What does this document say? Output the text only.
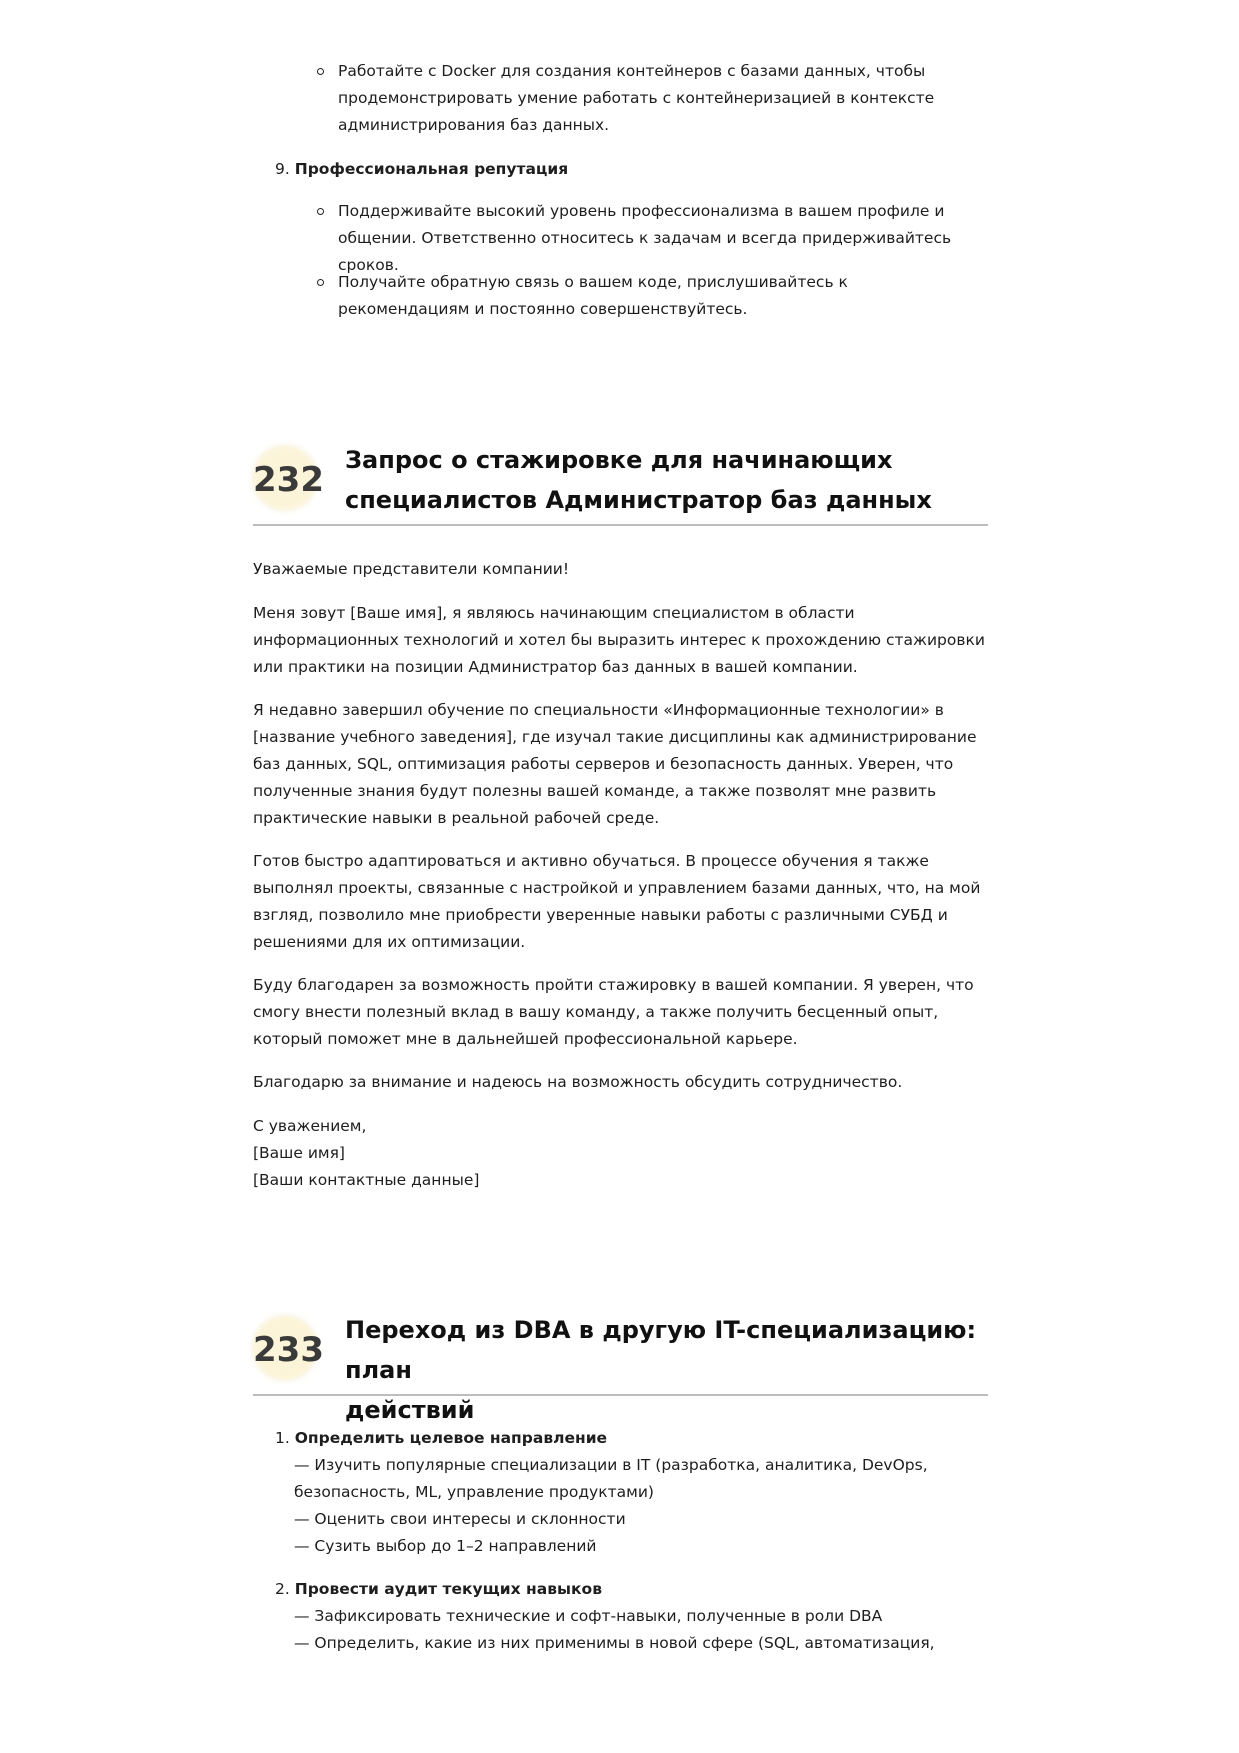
Работайте с Docker для создания контейнеров с базами данных, чтобы продемонстрировать умение работать с контейнеризацией в контексте администрирования баз данных.

9. Профессиональная репутация

Поддерживайте высокий уровень профессионализма в вашем профиле и общении. Ответственно относитесь к задачам и всегда придерживайтесь сроков.

Получайте обратную связь о вашем коде, прислушивайтесь к рекомендациям и постоянно совершенствуйтесь.

232 Запрос о стажировке для начинающих
специалистов Администратор баз данных

Уважаемые представители компании!

Меня зовут [Ваше имя], я являюсь начинающим специалистом в области информационных технологий и хотел бы выразить интерес к прохождению стажировки или практики на позиции Администратор баз данных в вашей компании.

Я недавно завершил обучение по специальности «Информационные технологии» в [название учебного заведения], где изучал такие дисциплины как администрирование баз данных, SQL, оптимизация работы серверов и безопасность данных. Уверен, что полученные знания будут полезны вашей команде, а также позволят мне развить практические навыки в реальной рабочей среде.

Готов быстро адаптироваться и активно обучаться. В процессе обучения я также выполнял проекты, связанные с настройкой и управлением базами данных, что, на мой взгляд, позволило мне приобрести уверенные навыки работы с различными СУБД и решениями для их оптимизации.

Буду благодарен за возможность пройти стажировку в вашей компании. Я уверен, что смогу внести полезный вклад в вашу команду, а также получить бесценный опыт, который поможет мне в дальнейшей профессиональной карьере.

Благодарю за внимание и надеюсь на возможность обсудить сотрудничество.

С уважением,
[Ваше имя]
[Ваши контактные данные]
233 Переход из DBA в другую IT-специализацию: план
действий
1. Определить целевое направление
— Изучить популярные специализации в IT (разработка, аналитика, DevOps,
безопасность, ML, управление продуктами)
— Оценить свои интересы и склонности
— Сузить выбор до 1–2 направлений
2. Провести аудит текущих навыков
— Зафиксировать технические и софт-навыки, полученные в роли DBA
— Определить, какие из них применимы в новой сфере (SQL, автоматизация,
